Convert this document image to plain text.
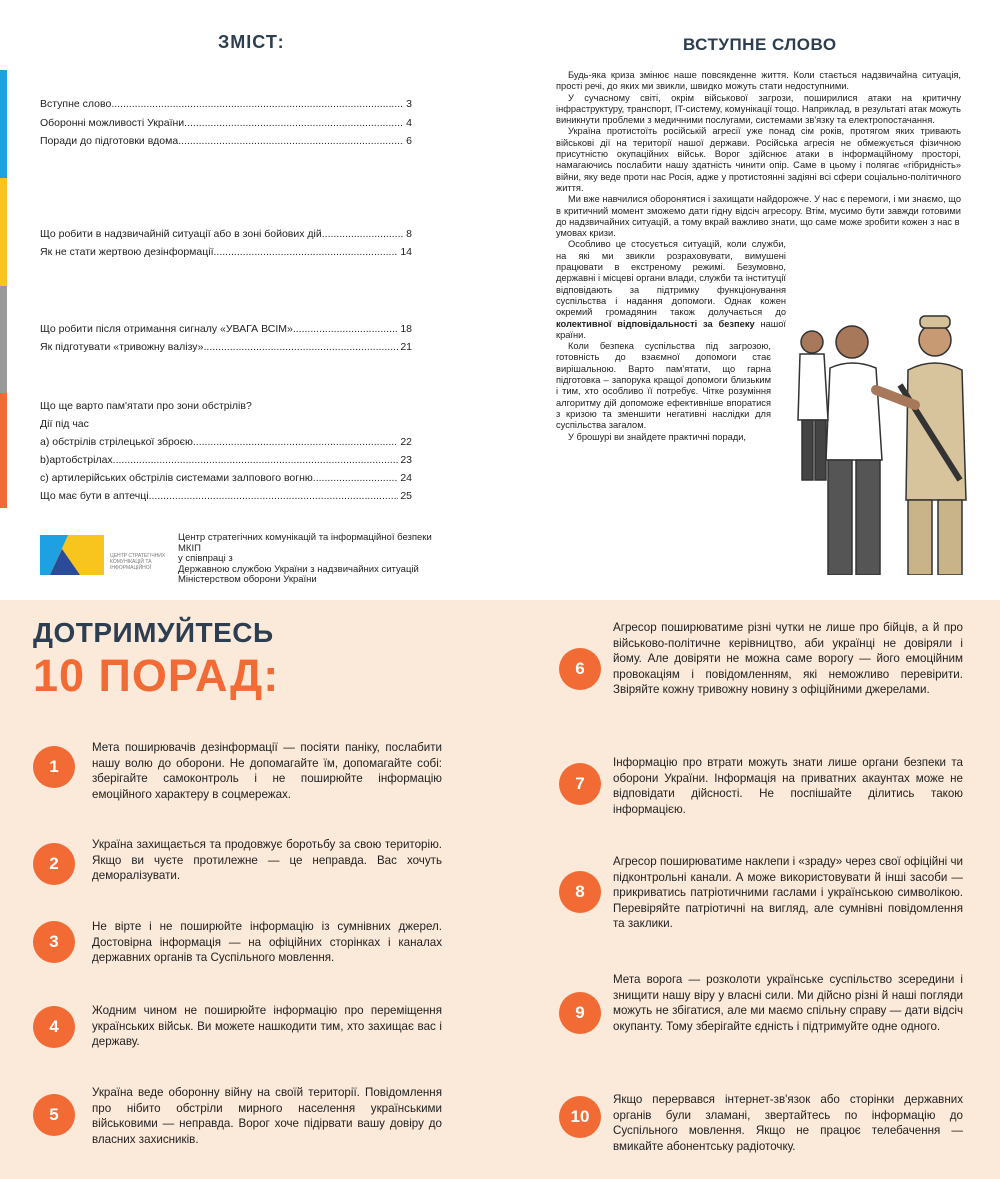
ЗМІСТ:
Вступне слово .....	3
Оборонні можливості України .....	4
Поради до підготовки вдома .....	6
Що робити в надзвичайній ситуації або в зоні бойових дій .....	8
Як не стати жертвою дезінформації .....	14
Що робити після отримання сигналу «УВАГА ВСІМ» .....	18
Як підготувати «тривожну валізу» .....	21
Що ще варто пам'ятати про зони обстрілів?
Дії під час
а) обстрілів стрілецької зброєю .....	22
b)артобстрілах .....	23
c) артилерійських обстрілів системами залпового вогню .....	24
Що має бути в аптечці .....	25
ЦЕНТР СТРАТЕГІЧНИХ КОМУНІКАЦІЙ ТА ІНФОРМАЦІЙНОЇ
Центр стратегічних комунікацій та інформаційної безпеки МКІП
у співпраці з
Державною службою України з надзвичайних ситуацій
Міністерством оборони України
ВСТУПНЕ СЛОВО

Будь-яка криза змінює наше повсякденне життя. Коли стається надзвичайна ситуація, прості речі, до яких ми звикли, швидко можуть стати недоступними.

У сучасному світі, окрім військової загрози, поширилися атаки на критичну інфраструктуру, транспорт, IT-систему, комунікації тощо. Наприклад, в результаті атак можуть виникнути проблеми з медичними послугами, системами зв'язку та електропостачання.

Україна протистоїть російській агресії уже понад сім років, протягом яких тривають військові дії на території нашої держави. Російська агресія не обмежується фізичною присутністю окупаційних військ. Ворог здійснює атаки в інформаційному просторі, намагаючись послабити нашу здатність чинити опір. Саме в цьому і полягає «гібридність» війни, яку веде проти нас Росія, адже у протистоянні задіяні всі сфери соціально-політичного життя.

Ми вже навчилися оборонятися і захищати найдорожче. У нас є перемоги, і ми знаємо, що в критичний момент зможемо дати гідну відсіч агресору. Втім, мусимо бути завжди готовими до надзвичайних ситуацій, а тому вкрай важливо знати, що саме може зробити кожен з нас в

умовах кризи.

Особливо це стосується ситуацій, коли служби, на які ми звикли розраховувати, вимушені працювати в екстреному режимі. Безумовно, державні і місцеві органи влади, служби та інституції відповідають за підтримку функціонування суспільства і надання допомоги. Однак кожен окремий громадянин також долучається до колективної відповідальності за безпеку нашої країни.

Коли безпека суспільства під загрозою, готовність до взаємної допомоги стає вирішальною. Варто пам'ятати, що гарна підготовка – запорука кращої допомоги близьким і тим, хто особливо її потребує. Чітке розуміння алгоритму дій допоможе ефективніше впоратися з кризою та зменшити негативні наслідки для суспільства загалом.

У брошурі ви знайдете практичні поради,

ДОТРИМУЙТЕСЬ
10 ПОРАД:
1
Мета поширювачів дезінформації — посіяти паніку, послабити нашу волю до оборони. Не допомагайте їм, допомагайте собі: зберігайте самоконтроль і не поширюйте інформацію емоційного характеру в соцмережах.
2
Україна захищається та продовжує боротьбу за свою територію. Якщо ви чуєте протилежне — це неправда. Вас хочуть деморалізувати.
3
Не вірте і не поширюйте інформацію із сумнівних джерел. Достовірна інформація — на офіційних сторінках і каналах державних органів та Суспільного мовлення.
4
Жодним чином не поширюйте інформацію про переміщення українських військ. Ви можете нашкодити тим, хто захищає вас і державу.
5
Україна веде оборонну війну на своїй території. Повідомлення про нібито обстріли мирного населення українськими військовими — неправда. Ворог хоче підірвати вашу довіру до власних захисників.
6
Агресор поширюватиме різні чутки не лише про бійців, а й про військово-політичне керівництво, аби українці не довіряли і йому. Але довіряти не можна саме ворогу — його емоційним провокаціям і повідомленням, які неможливо перевірити. Звіряйте кожну тривожну новину з офіційними джерелами.
7
Інформацію про втрати можуть знати лише органи безпеки та оборони України. Інформація на приватних акаунтах може не відповідати дійсності. Не поспішайте ділитись такою інформацією.
8
Агресор поширюватиме наклепи і «зраду» через свої офіційні чи підконтрольні канали. А може використовувати й інші засоби — прикриватись патріотичними гаслами і українською символікою. Перевіряйте патріотичні на вигляд, але сумнівні повідомлення та заклики.
9
Мета ворога — розколоти українське суспільство зсередини і знищити нашу віру у власні сили. Ми дійсно різні й наші погляди можуть не збігатися, але ми маємо спільну справу — дати відсіч окупанту. Тому зберігайте єдність і підтримуйте одне одного.
10
Якщо перервався інтернет-зв'язок або сторінки державних органів були зламані, звертайтесь по інформацію до Суспільного мовлення. Якщо не працює телебачення — вмикайте абонентську радіоточку.
